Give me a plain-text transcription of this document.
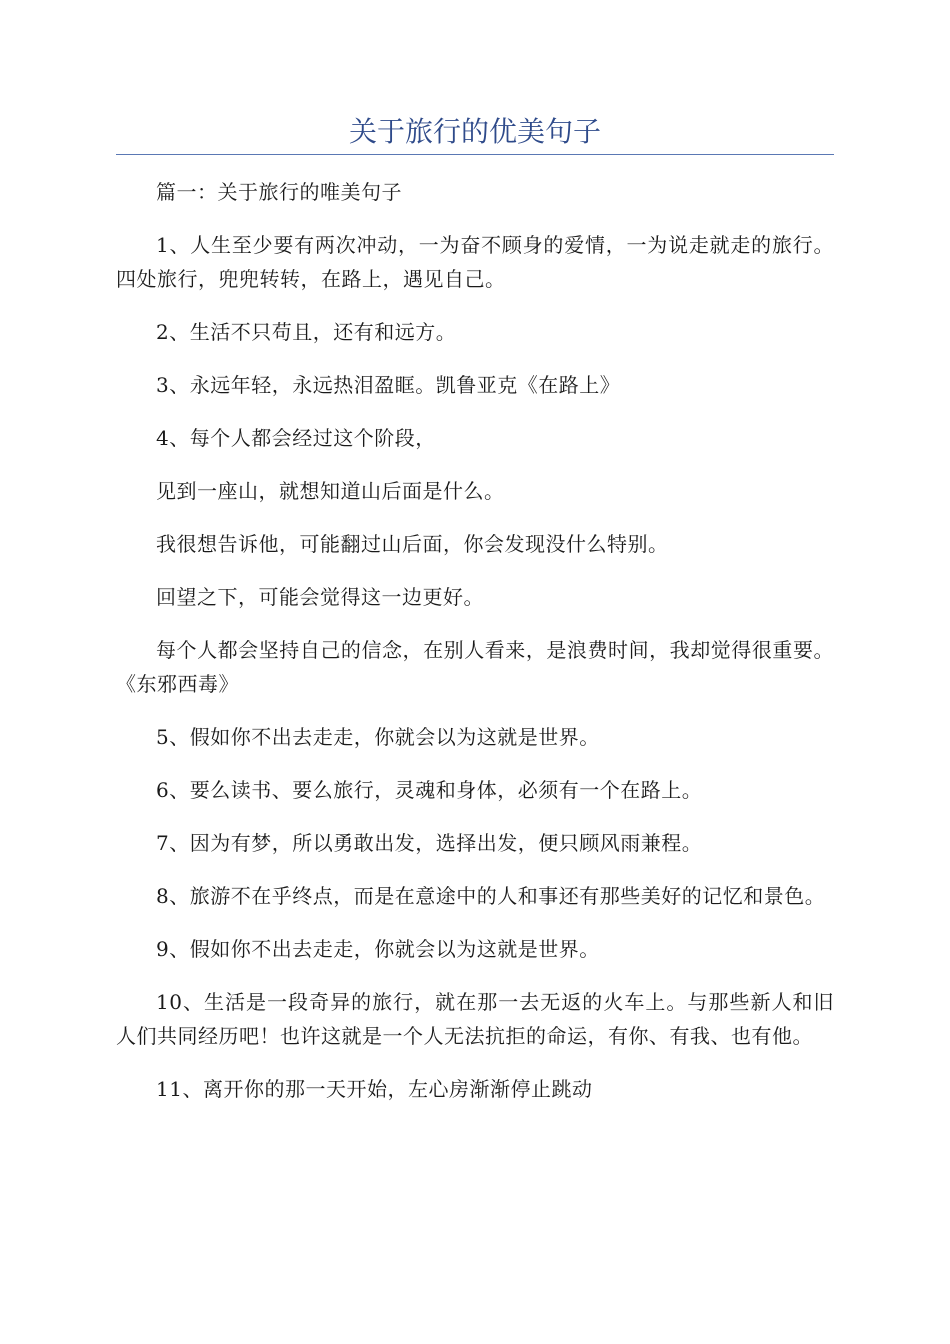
关于旅行的优美句子

篇一：关于旅行的唯美句子

1、人生至少要有两次冲动，一为奋不顾身的爱情，一为说走就走的旅行。四处旅行，兜兜转转，在路上，遇见自己。

2、生活不只苟且，还有和远方。

3、永远年轻，永远热泪盈眶。凯鲁亚克《在路上》

4、每个人都会经过这个阶段，

见到一座山，就想知道山后面是什么。

我很想告诉他，可能翻过山后面，你会发现没什么特别。

回望之下，可能会觉得这一边更好。

每个人都会坚持自己的信念，在别人看来，是浪费时间，我却觉得很重要。《东邪西毒》

5、假如你不出去走走，你就会以为这就是世界。

6、要么读书、要么旅行，灵魂和身体，必须有一个在路上。

7、因为有梦，所以勇敢出发，选择出发，便只顾风雨兼程。

8、旅游不在乎终点，而是在意途中的人和事还有那些美好的记忆和景色。

9、假如你不出去走走，你就会以为这就是世界。

10、生活是一段奇异的旅行，就在那一去无返的火车上。与那些新人和旧人们共同经历吧！也许这就是一个人无法抗拒的命运，有你、有我、也有他。

11、离开你的那一天开始，左心房渐渐停止跳动
